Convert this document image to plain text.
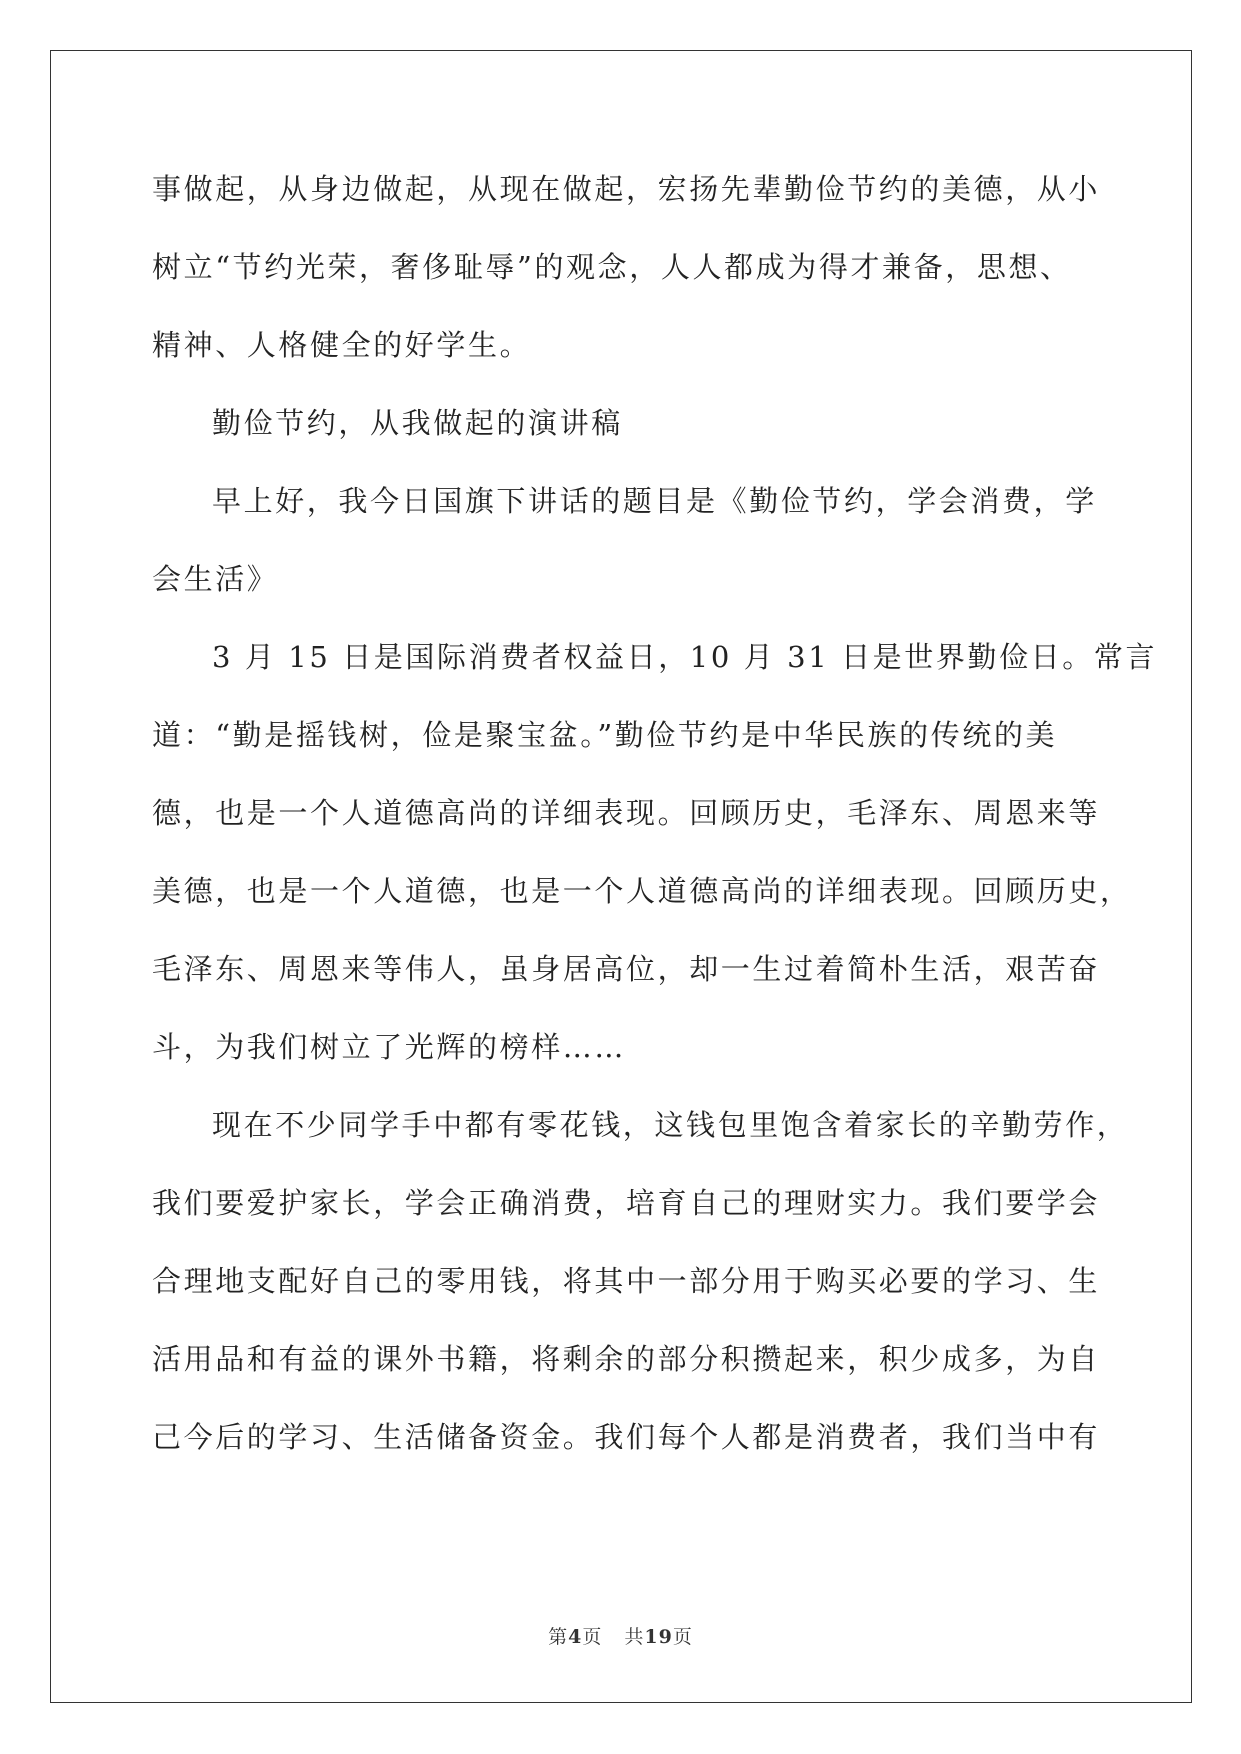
事做起，从身边做起，从现在做起，宏扬先辈勤俭节约的美德，从小

树立“节约光荣，奢侈耻辱”的观念，人人都成为得才兼备，思想、

精神、人格健全的好学生。

勤俭节约，从我做起的演讲稿

早上好，我今日国旗下讲话的题目是《勤俭节约，学会消费，学

会生活》

3 月 15 日是国际消费者权益日，10 月 31 日是世界勤俭日。常言

道：“勤是摇钱树，俭是聚宝盆。”勤俭节约是中华民族的传统的美

德，也是一个人道德高尚的详细表现。回顾历史，毛泽东、周恩来等

美德，也是一个人道德，也是一个人道德高尚的详细表现。回顾历史，

毛泽东、周恩来等伟人，虽身居高位，却一生过着简朴生活，艰苦奋

斗，为我们树立了光辉的榜样……

现在不少同学手中都有零花钱，这钱包里饱含着家长的辛勤劳作，

我们要爱护家长，学会正确消费，培育自己的理财实力。我们要学会

合理地支配好自己的零用钱，将其中一部分用于购买必要的学习、生

活用品和有益的课外书籍，将剩余的部分积攒起来，积少成多，为自

己今后的学习、生活储备资金。我们每个人都是消费者，我们当中有

第4页 共19页
